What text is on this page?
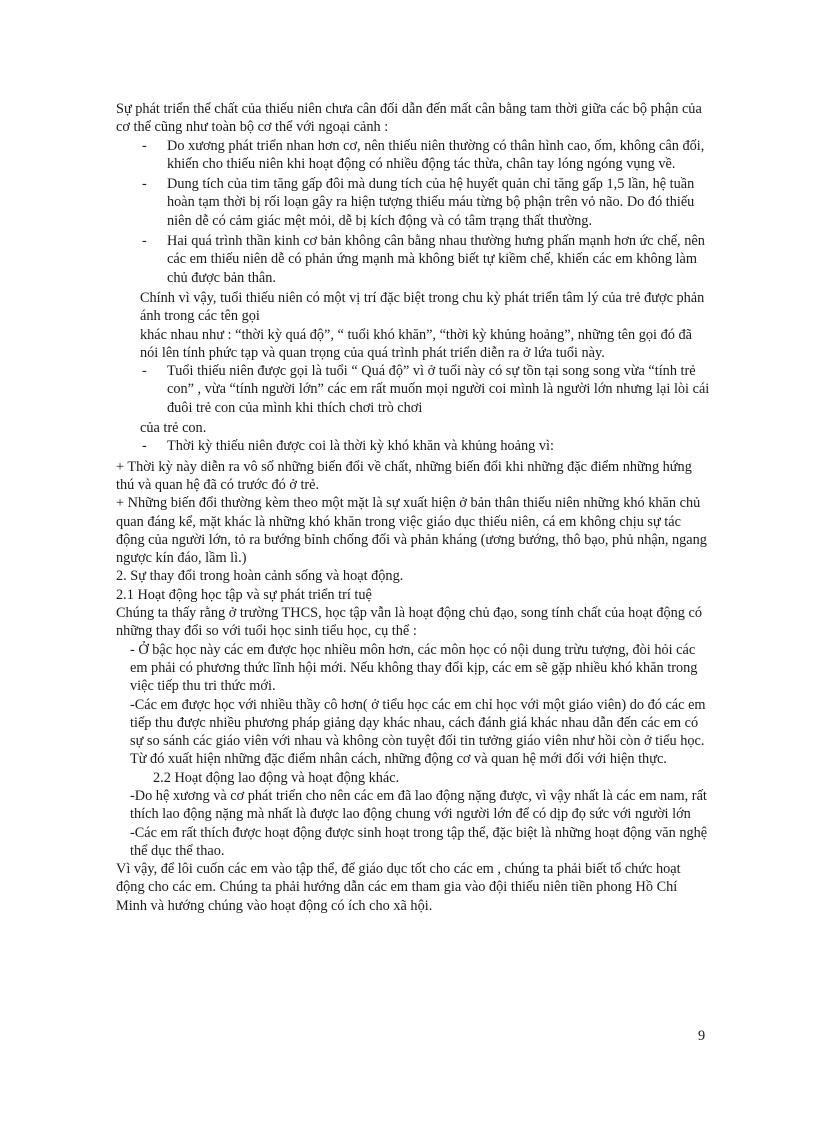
Sự phát triển thể chất của thiếu niên chưa cân đối dẫn đến mất cân bằng tam thời giữa các bộ phận của cơ thể cũng như toàn bộ cơ thể với ngoại cảnh :

-	Do xương phát triển nhan hơn cơ, nên thiếu niên thường có thân hình cao, ốm, không cân đối, khiến cho thiếu niên khi hoạt động có nhiều động tác thừa, chân tay lóng ngóng vụng về.
-	Dung tích của tim tăng gấp đôi mà dung tích của hệ huyết quản chỉ tăng gấp 1,5 lần, hệ tuần hoàn tạm thời bị rối loạn gây ra hiện tượng thiếu máu từng bộ phận trên vỏ não. Do đó thiếu niên dễ có cảm giác mệt mỏi, dễ bị kích động và có tâm trạng thất thường.
-	Hai quá trình thần kinh cơ bản không cân bằng nhau thường hưng phấn mạnh hơn ức chế, nên các em thiếu niên dễ có phản ứng mạnh mà không biết tự kiềm chế, khiến các em không làm chủ được bản thân.

Chính vì vậy, tuổi thiếu niên có một vị trí đặc biệt trong chu kỳ phát triển tâm lý của trẻ được phản ánh trong các tên gọi

khác nhau như : “thời kỳ quá độ”, “ tuổi khó khăn”, “thời kỳ khủng hoảng”, những tên gọi đó đã nói lên tính phức tạp và quan trọng của quá trình phát triển diễn ra ở lứa tuổi này.

-	Tuổi thiếu niên được gọi là tuổi “ Quá độ” vì ở tuổi này có sự tồn tại song song vừa “tính trẻ con” , vừa “tính người lớn” các em rất muốn mọi người coi mình là người lớn nhưng lại lòi cái đuôi trẻ con của mình khi thích chơi trò chơi

của trẻ con.

-	Thời kỳ thiếu niên được coi là thời kỳ khó khăn và khủng hoảng vì:

+ Thời kỳ này diễn ra vô số những biến đổi về chất, những biến đổi khi những đặc điểm những hứng thú và quan hệ đã có trước đó ở trẻ.

+ Những biến đổi thường kèm theo một mặt là sự xuất hiện ở bản thân thiếu niên những khó khăn chủ quan đáng kể, mặt khác là những khó khăn trong việc giáo dục thiếu niên, cá em không chịu sự tác động của người lớn, tỏ ra bướng bỉnh chống đối và phản kháng (ương bướng, thô bạo, phủ nhận, ngang ngược kín đáo, lầm lì.)

2. Sự thay đổi trong hoàn cảnh sống và hoạt động.

2.1 Hoạt động học tập và sự phát triển trí tuệ

Chúng ta thấy rằng ở trường THCS, học tập vẫn là hoạt động chủ đạo, song tính chất của hoạt động có những thay đổi so với tuổi học sinh tiểu học, cụ thể :

- Ở bậc học này các em được học nhiều môn hơn, các môn học có nội dung trừu tượng, đòi hỏi các em phải có phương thức lĩnh hội mới. Nếu không thay đổi kịp, các em sẽ gặp nhiều khó khăn trong việc tiếp thu tri thức mới.

-Các em được học với nhiều thầy cô hơn( ở tiểu học các em chỉ học với một giáo viên) do đó các em tiếp thu được nhiều phương pháp giảng dạy khác nhau, cách đánh giá khác nhau dẫn đến các em có sự so sánh các giáo viên với nhau và không còn tuyệt đối tin tưởng giáo viên như hồi còn ở tiểu học. Từ đó xuất hiện những đặc điểm nhân cách, những động cơ và quan hệ mới đối với hiện thực.

2.2 Hoạt động lao động và hoạt động khác.

-Do hệ xương và cơ phát triển cho nên các em đã lao động nặng được, vì vậy nhất là các em nam, rất thích lao động nặng mà nhất là được lao động chung với người lớn để có dịp đọ sức với người lớn

-Các em rất thích được hoạt động được sinh hoạt trong tập thể, đặc biệt là những hoạt động văn nghệ thể dục thể thao.

Vì vậy, để lôi cuốn các em vào tập thể, để giáo dục tốt cho các em , chúng ta phải biết tổ chức hoạt động cho các em. Chúng ta phải hướng dẫn các em tham gia vào đội thiếu niên tiền phong Hồ Chí Minh và hướng chúng vào hoạt động có ích cho xã hội.

9
